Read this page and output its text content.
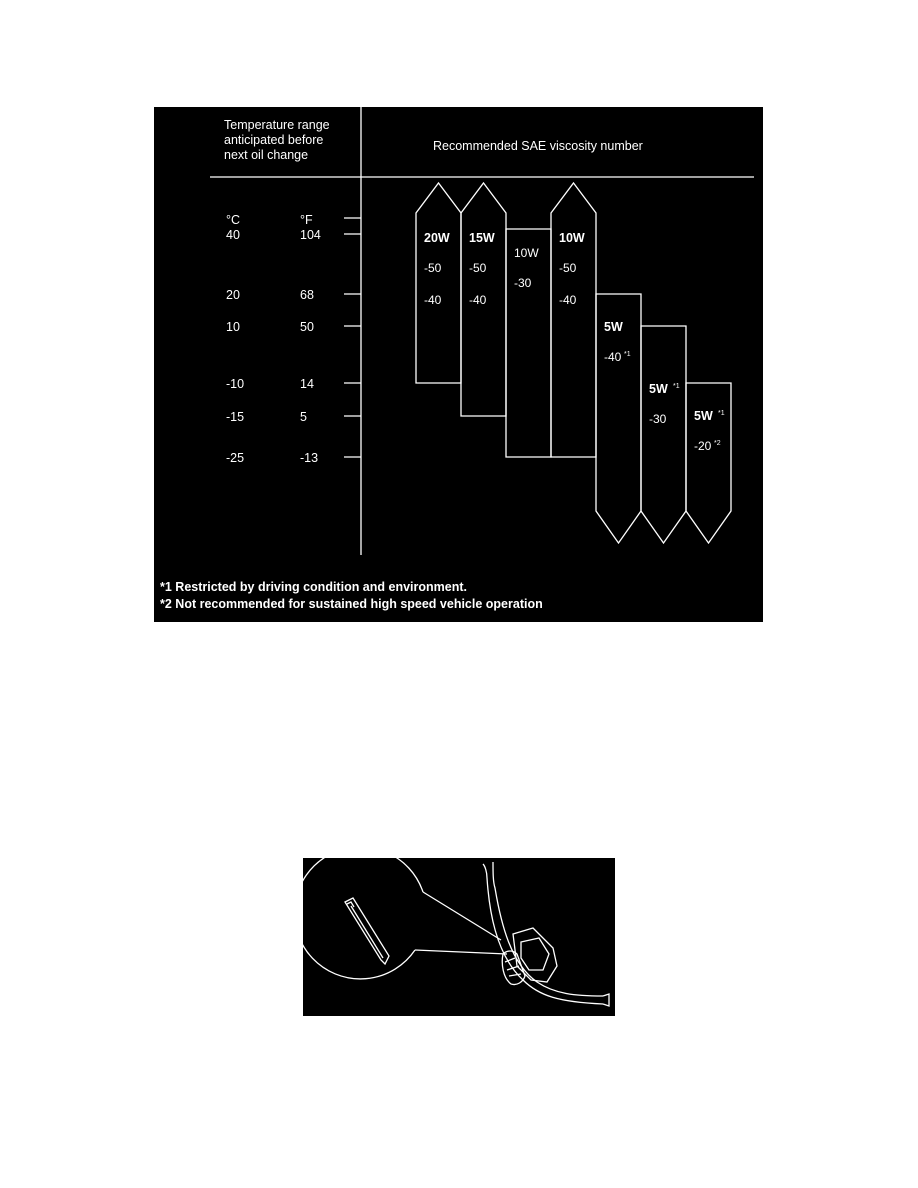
Temperature range
anticipated before
next oil change
Recommended SAE viscosity number
°C	°F
40	104
20	68
10	50
-10	14
-15	5
-25	-13
20W
-50
-40
15W
-50
-40
10W
-30
10W
-50
-40
5W
-40 *1
5W *1
-30 5W *1
-20 *2
*1 Restricted by driving condition and environment.
*2 Not recommended for sustained high speed vehicle operation
